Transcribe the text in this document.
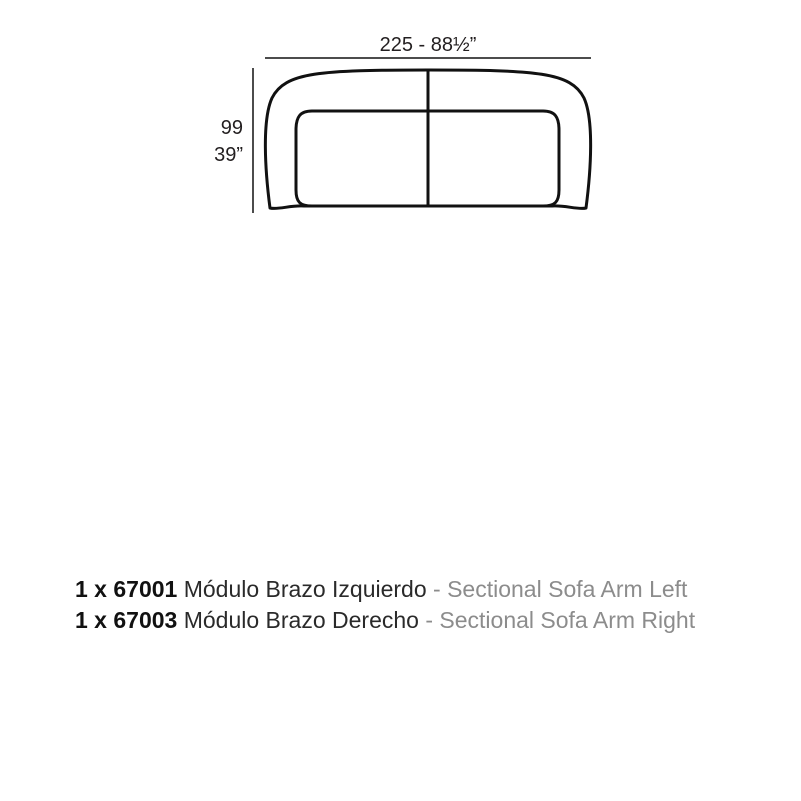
225 - 88½”
99
39”
1 x 67001 Módulo Brazo Izquierdo - Sectional Sofa Arm Left
1 x 67003 Módulo Brazo Derecho - Sectional Sofa Arm Right
